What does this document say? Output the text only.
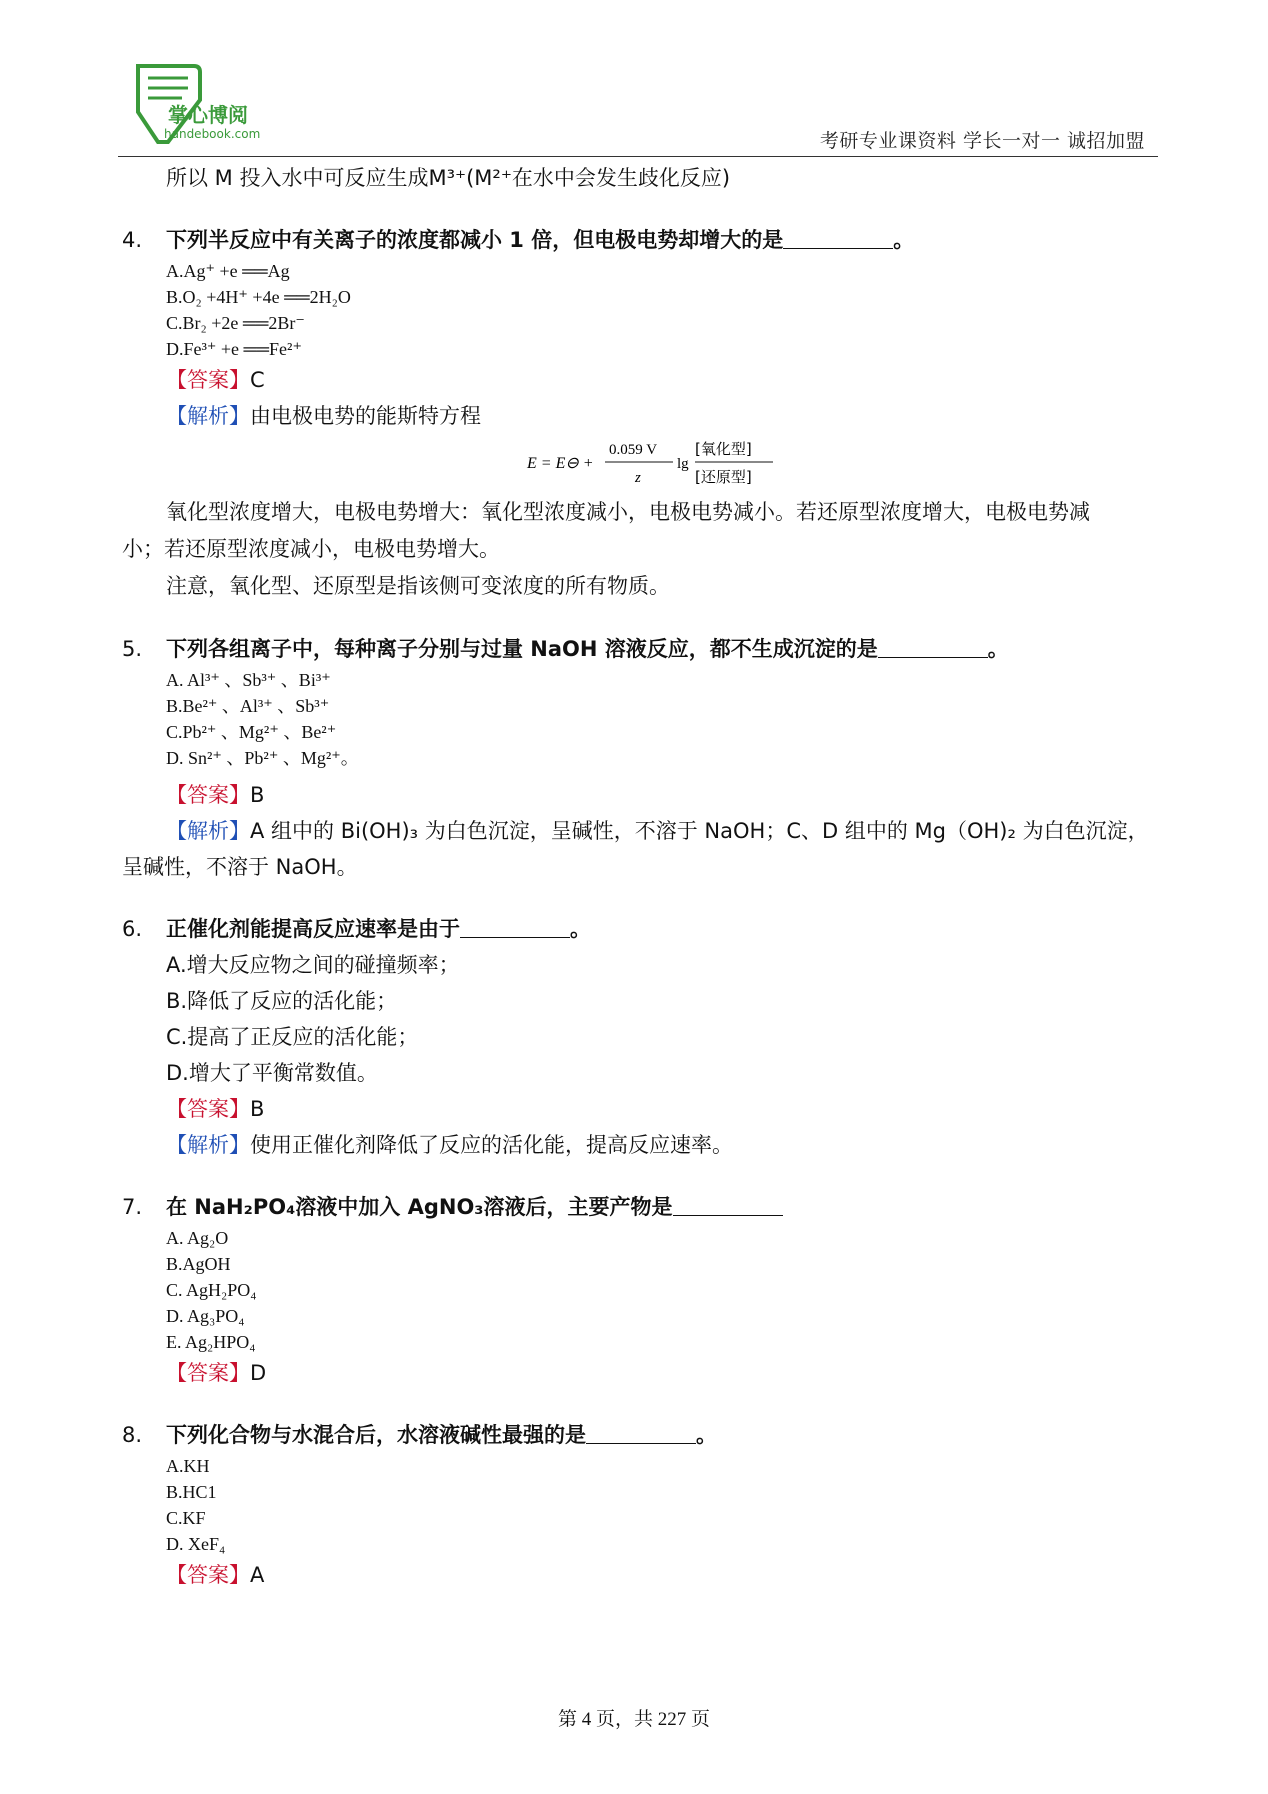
掌心博阅
handebook.com	考研专业课资料 学长一对一 诚招加盟
所以 M 投入水中可反应生成M³⁺(M²⁺在水中会发生歧化反应)
4.	下列半反应中有关离子的浓度都减小 1 倍，但电极电势却增大的是	。
A.Ag⁺ +e ══Ag
B.O₂ +4H⁺ +4e ══2H₂O
C.Br₂ +2e ══2Br⁻
D.Fe³⁺ +e ══Fe²⁺
【答案】C
【解析】由电极电势的能斯特方程
氧化型浓度增大，电极电势增大：氧化型浓度减小，电极电势减小。若还原型浓度增大，电极电势减
小；若还原型浓度减小，电极电势增大。
注意，氧化型、还原型是指该侧可变浓度的所有物质。
5.	下列各组离子中，每种离子分别与过量 NaOH 溶液反应，都不生成沉淀的是	。
A. Al³⁺ 、Sb³⁺ 、Bi³⁺
B.Be²⁺ 、Al³⁺ 、Sb³⁺
C.Pb²⁺ 、Mg²⁺ 、Be²⁺
D. Sn²⁺ 、Pb²⁺ 、Mg²⁺。
【答案】B
【解析】A 组中的 Bi(OH)₃ 为白色沉淀，呈碱性，不溶于 NaOH；C、D 组中的 Mg（OH)₂ 为白色沉淀，
呈碱性，不溶于 NaOH。
6.	正催化剂能提高反应速率是由于	。
A.增大反应物之间的碰撞频率；
B.降低了反应的活化能；
C.提高了正反应的活化能；
D.增大了平衡常数值。
【答案】B
【解析】使用正催化剂降低了反应的活化能，提高反应速率。
7.	在 NaH₂PO₄溶液中加入 AgNO₃溶液后，主要产物是
A. Ag₂O
B.AgOH
C. AgH₂PO₄
D. Ag₃PO₄
E. Ag₂HPO₄
【答案】D
8.	下列化合物与水混合后，水溶液碱性最强的是	。
A.KH
B.HC1
C.KF
D. XeF₄
【答案】A
E = E⊖ +
0.059 V
z
lg
[氧化型]
[还原型]
第 4 页，共 227 页
